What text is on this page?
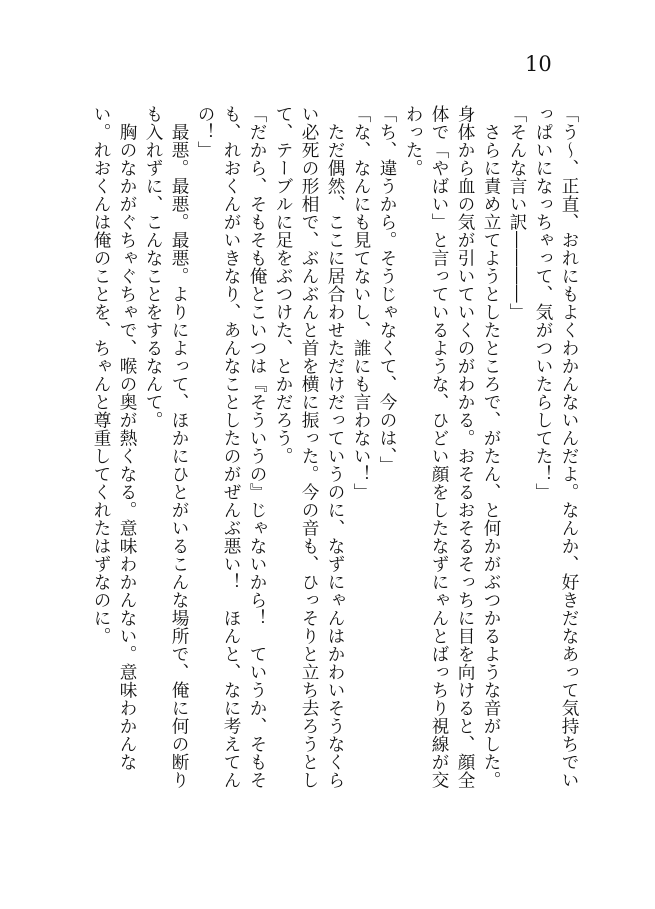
10

「う～、正直、おれにもよくわかんないんだよ。なんか、好きだなあって気持ちでいっぱいになっちゃって、気がついたらしてた！」

「そんな言い訳――――」

　さらに責め立てようとしたところで、がたん、と何かがぶつかるような音がした。身体から血の気が引いていくのがわかる。おそるおそるそっちに目を向けると、顔全体で「やばい」と言っているような、ひどい顔をしたなずにゃんとばっちり視線が交わった。

「ち、違うから。そうじゃなくて、今のは、」

「な、なんにも見てないし、誰にも言わない！」

　ただ偶然、ここに居合わせただけだっていうのに、なずにゃんはかわいそうなくらい必死の形相で、ぶんぶんと首を横に振った。今の音も、ひっそりと立ち去ろうとして、テーブルに足をぶつけた、とかだろう。

「だから、そもそも俺とこいつは『そういうの』じゃないから！　ていうか、そもそも、れおくんがいきなり、あんなことしたのがぜんぶ悪い！　ほんと、なに考えてんの！」

　最悪。最悪。最悪。よりによって、ほかにひとがいるこんな場所で、俺に何の断りも入れずに、こんなことをするなんて。

　胸のなかがぐちゃぐちゃで、喉の奥が熱くなる。意味わかんない。意味わかんない。れおくんは俺のことを、ちゃんと尊重してくれたはずなのに。
